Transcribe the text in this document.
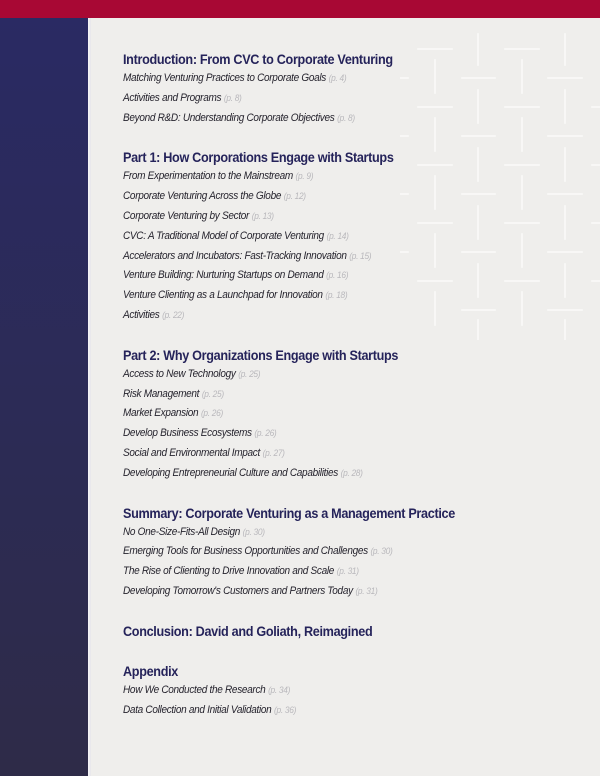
Introduction: From CVC to Corporate Venturing
Matching Venturing Practices to Corporate Goals (p. 4)
Activities and Programs (p. 8)
Beyond R&D: Understanding Corporate Objectives (p. 8)
Part 1: How Corporations Engage with Startups
From Experimentation to the Mainstream (p. 9)
Corporate Venturing Across the Globe (p. 12)
Corporate Venturing by Sector (p. 13)
CVC: A Traditional Model of Corporate Venturing (p. 14)
Accelerators and Incubators: Fast-Tracking Innovation (p. 15)
Venture Building: Nurturing Startups on Demand (p. 16)
Venture Clienting as a Launchpad for Innovation (p. 18)
Activities (p. 22)
Part 2: Why Organizations Engage with Startups
Access to New Technology (p. 25)
Risk Management (p. 25)
Market Expansion (p. 26)
Develop Business Ecosystems (p. 26)
Social and Environmental Impact (p. 27)
Developing Entrepreneurial Culture and Capabilities (p. 28)
Summary: Corporate Venturing as a Management Practice
No One-Size-Fits-All Design (p. 30)
Emerging Tools for Business Opportunities and Challenges (p. 30)
The Rise of Clienting to Drive Innovation and Scale (p. 31)
Developing Tomorrow's Customers and Partners Today (p. 31)
Conclusion: David and Goliath, Reimagined
Appendix
How We Conducted the Research (p. 34)
Data Collection and Initial Validation (p. 36)
